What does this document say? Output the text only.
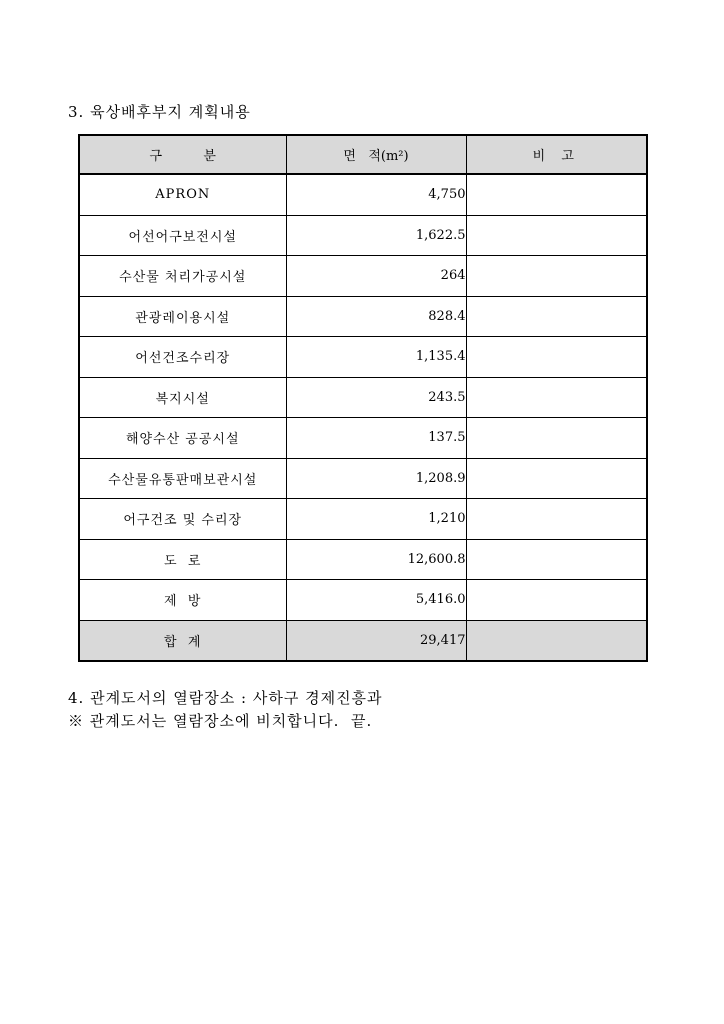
3. 육상배후부지 계획내용
구          분	면   적(m²)	비 고
APRON	4,750	
어선어구보전시설	1,622.5	
수산물 처리가공시설	264	
관광레이용시설	828.4	
어선건조수리장	1,135.4	
복지시설	243.5	
해양수산 공공시설	137.5	
수산물유통판매보관시설	1,208.9	
어구건조 및 수리장	1,210	
도  로	12,600.8	
제  방	5,416.0	
합  계	29,417	
4. 관계도서의 열람장소 : 사하구 경제진흥과
※ 관계도서는 열람장소에 비치합니다.  끝.
